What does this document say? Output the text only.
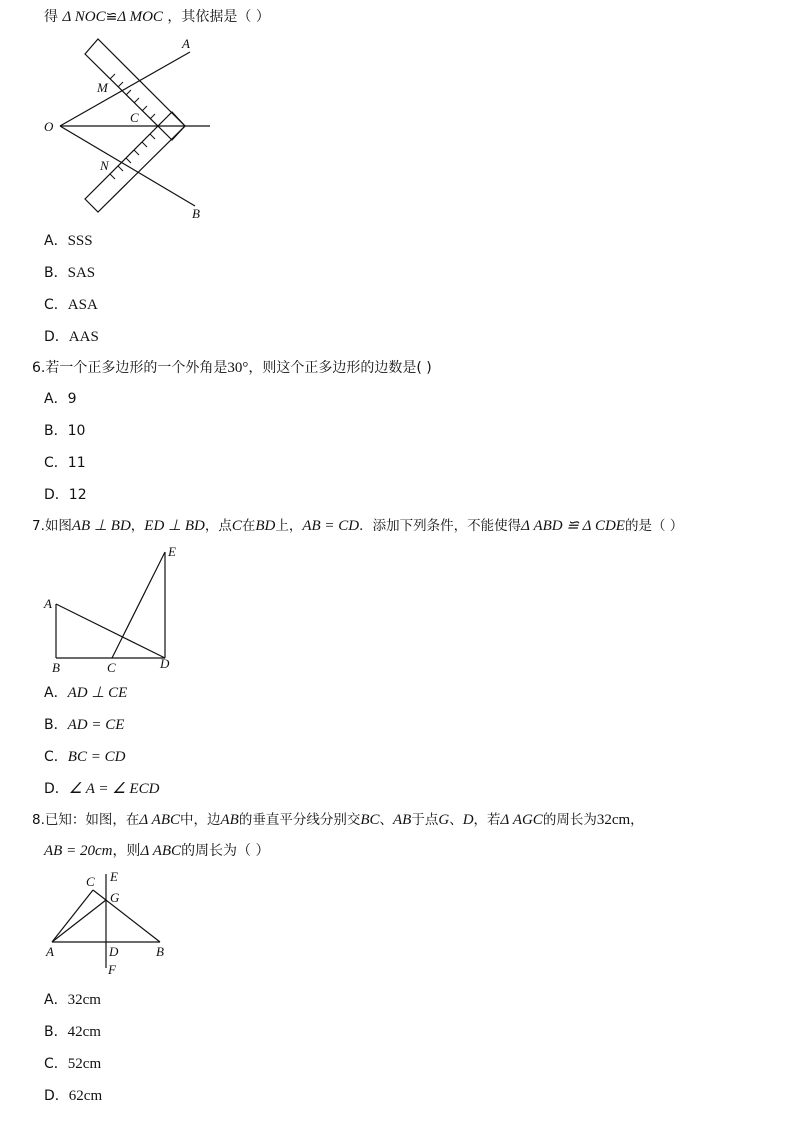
得 Δ NOC≌Δ MOC ，其依据是（ ）
A
B
O
M
N
C
A．SSS
B．SAS
C．ASA
D．AAS
6.若一个正多边形的一个外角是30°，则这个正多边形的边数是( )
A．9
B．10
C．11
D．12
7.如图AB ⊥ BD，ED ⊥ BD，点C在BD上，AB = CD．添加下列条件，不能使得Δ ABD ≌ Δ CDE的是（ ）
E
A
B	C	D
A．AD ⊥ CE
B．AD = CE
C．BC = CD
D．∠ A = ∠ ECD
8.已知：如图，在Δ ABC中，边AB的垂直平分线分别交BC、AB于点G、D，若Δ AGC的周长为32cm，
AB = 20cm，则Δ ABC的周长为（ ）
C E
G
A	D	B
F
A．32cm
B．42cm
C．52cm
D．62cm
